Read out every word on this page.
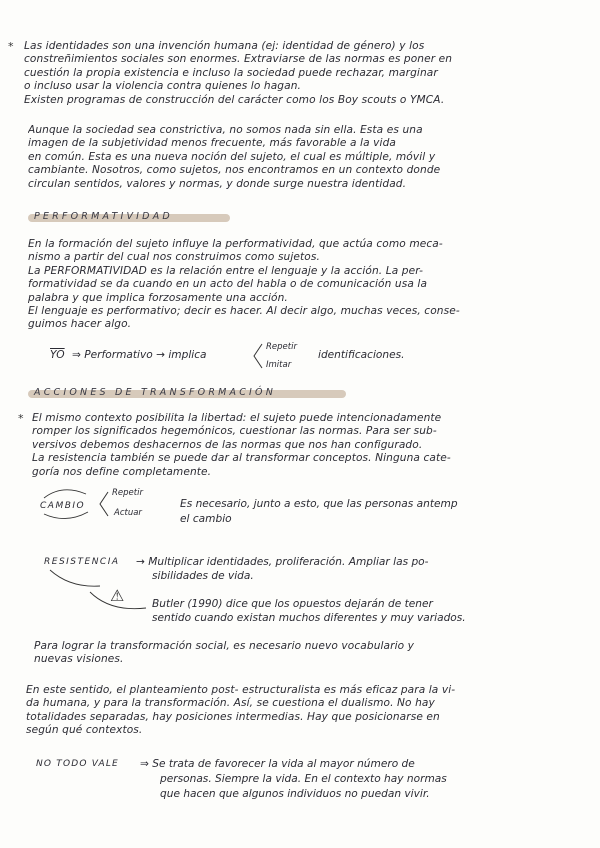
* Las identidades son una invención humana (ej: identidad de género) y los
constreñimientos sociales son enormes. Extraviarse de las normas es poner en
cuestión la propia existencia e incluso la sociedad puede rechazar, marginar
o incluso usar la violencia contra quienes lo hagan.
Existen programas de construcción del carácter como los Boy scouts o YMCA.

Aunque la sociedad sea constrictiva, no somos nada sin ella. Esta es una
imagen de la subjetividad menos frecuente, más favorable a la vida
en común. Esta es una nueva noción del sujeto, el cual es múltiple, móvil y
cambiante. Nosotros, como sujetos, nos encontramos en un contexto donde
circulan sentidos, valores y normas, y donde surge nuestra identidad.

PERFORMATIVIDAD

En la formación del sujeto influye la performatividad, que actúa como meca-
nismo a partir del cual nos construimos como sujetos.
La PERFORMATIVIDAD es la relación entre el lenguaje y la acción. La per-
formatividad se da cuando en un acto del habla o de comunicación usa la
palabra y que implica forzosamente una acción.
El lenguaje es performativo; decir es hacer. Al decir algo, muchas veces, conse-
guimos hacer algo.

$\overline{YO}$ ⇒ Performativo → implica
Repetir
Imitar
identificaciones.
ACCIONES DE TRANSFORMACIÓN
* El mismo contexto posibilita la libertad: el sujeto puede intencionadamente
romper los significados hegemónicos, cuestionar las normas. Para ser sub-
versivos debemos deshacernos de las normas que nos han configurado.
La resistencia también se puede dar al transformar conceptos. Ninguna cate-
goría nos define completamente.

CAMBIO
Repetir
Actuar
Es necesario, junto a esto, que las personas antemp
el cambio
RESISTENCIA → Multiplicar identidades, proliferación. Ampliar las po-
sibilidades de vida.
⚠	Butler (1990) dice que los opuestos dejarán de tener
sentido cuando existan muchos diferentes y muy variados.

Para lograr la transformación social, es necesario nuevo vocabulario y
nuevas visiones.

En este sentido, el planteamiento post- estructuralista es más eficaz para la vi-
da humana, y para la transformación. Así, se cuestiona el dualismo. No hay
totalidades separadas, hay posiciones intermedias. Hay que posicionarse en
según qué contextos.

NO TODO VALE ⇒ Se trata de favorecer la vida al mayor número de
personas. Siempre la vida. En el contexto hay normas
que hacen que algunos individuos no puedan vivir.
